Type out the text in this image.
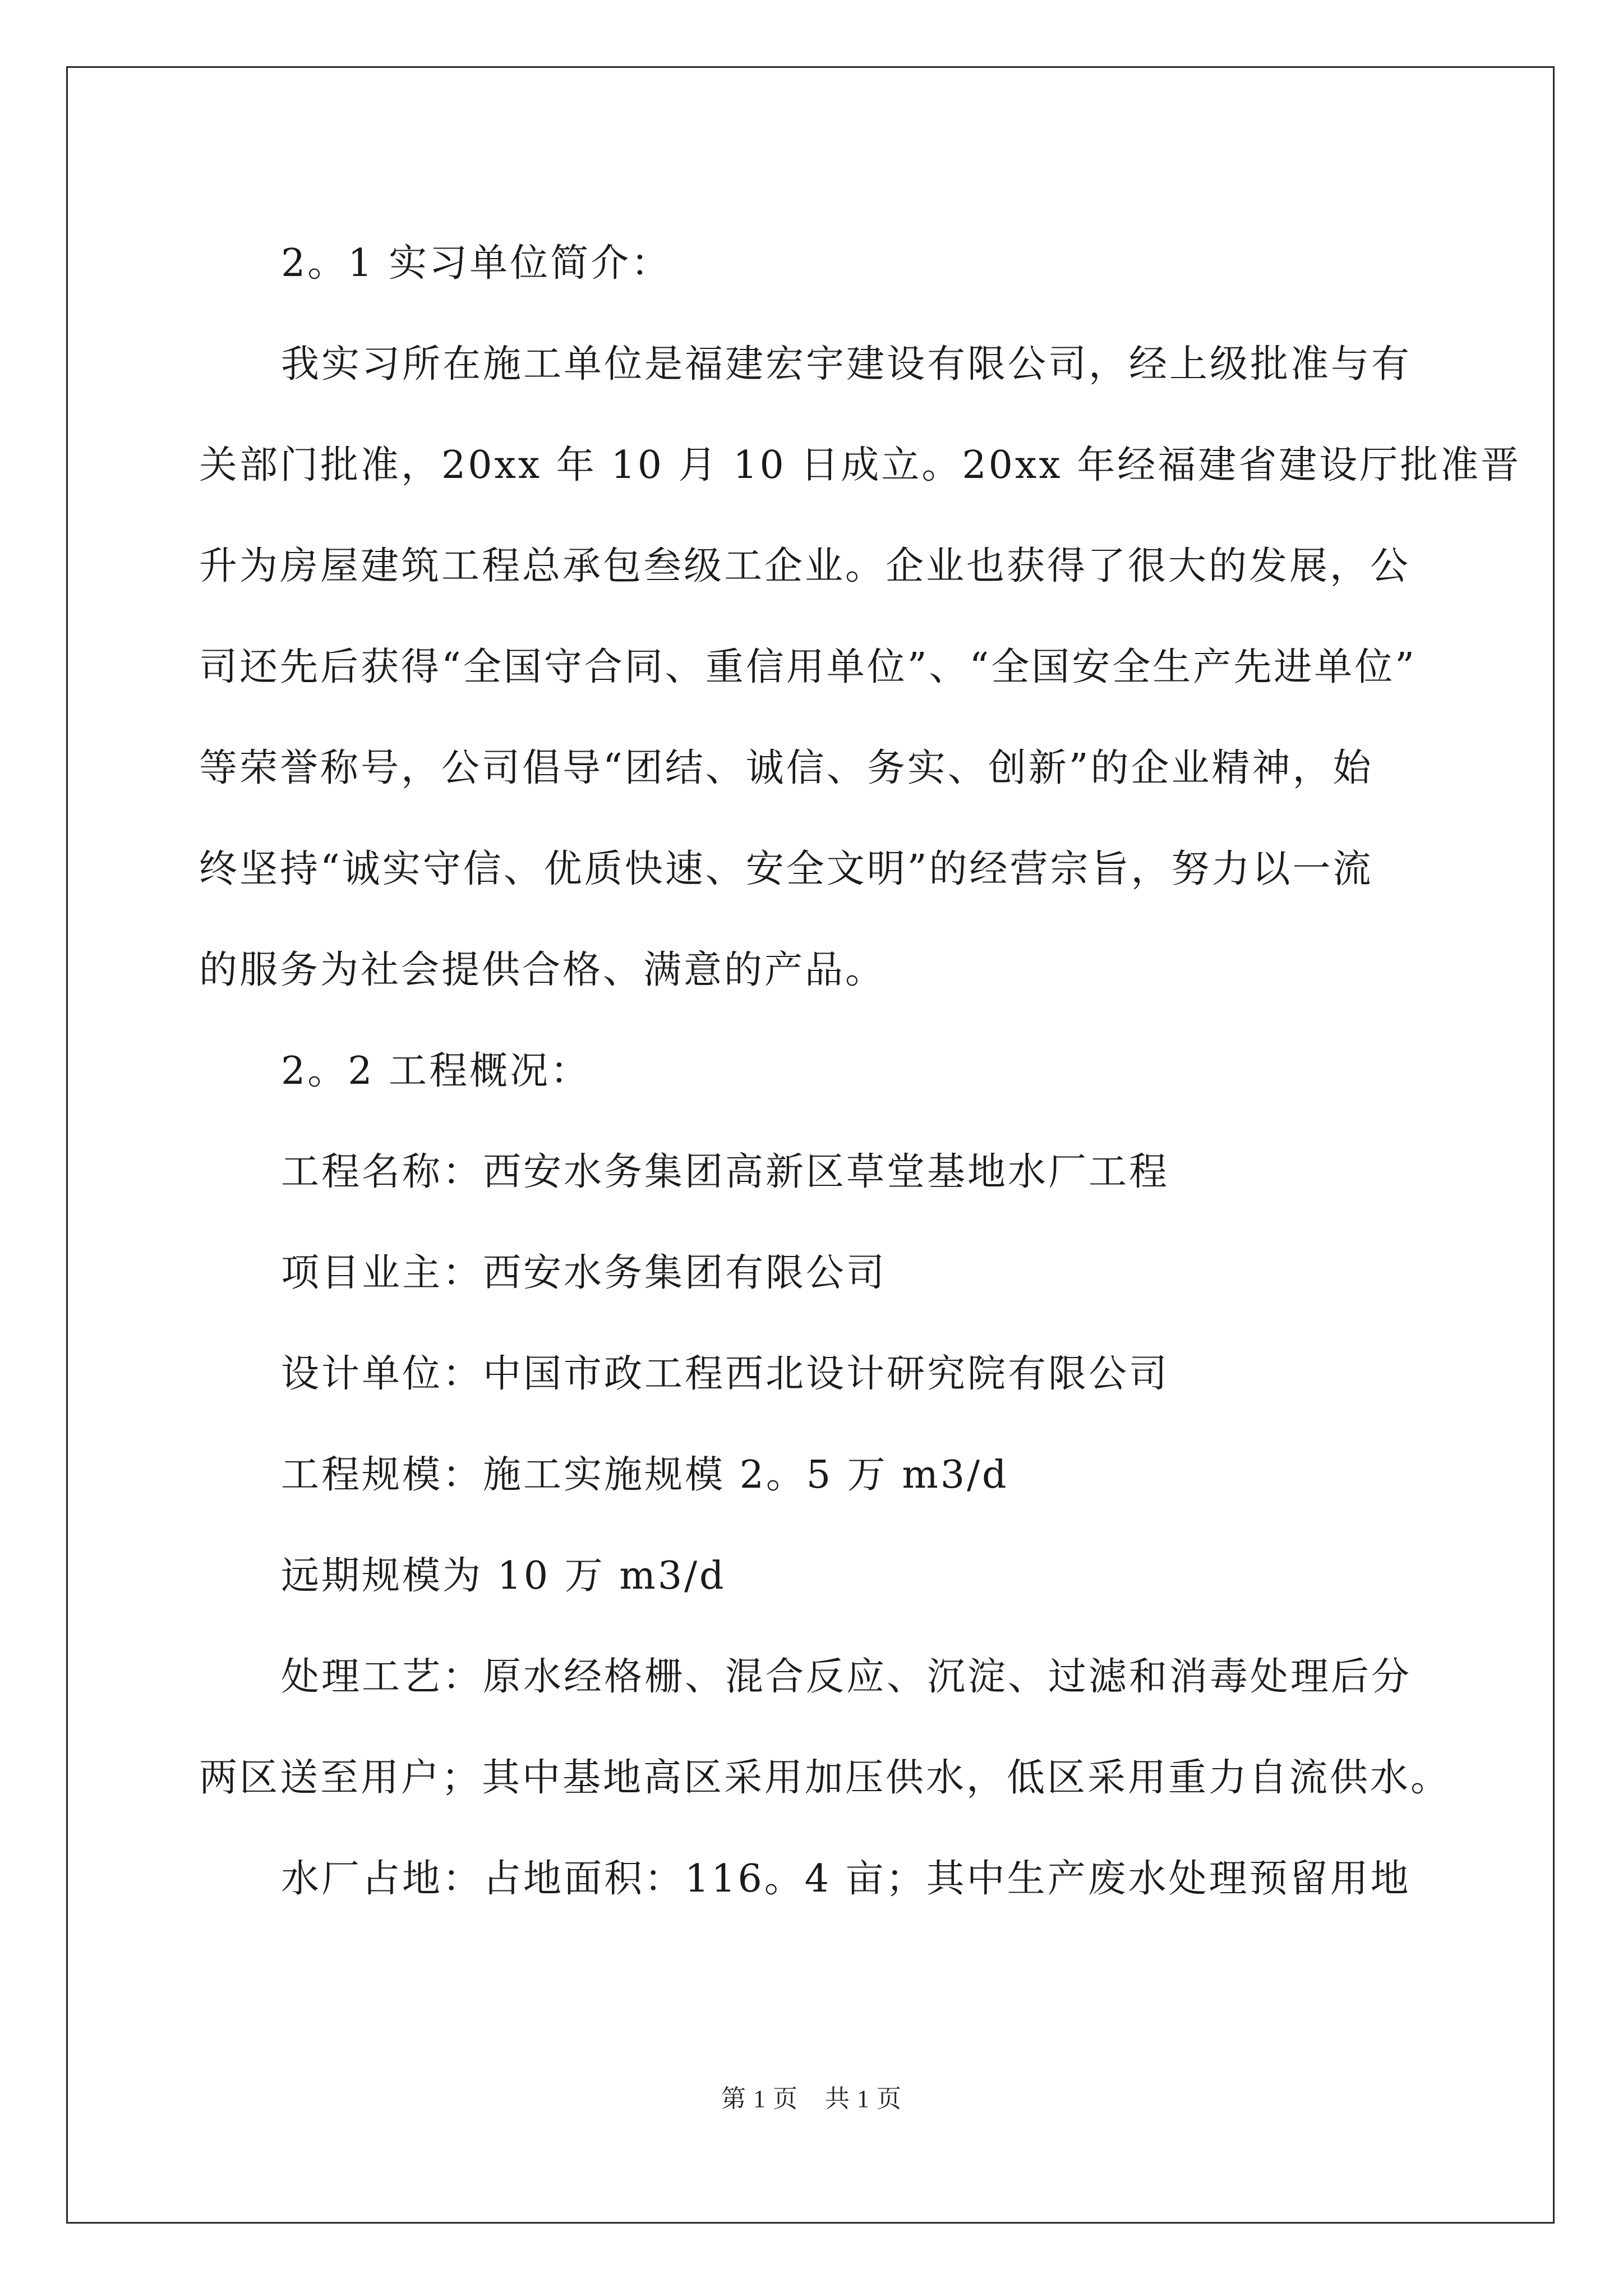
2。1 实习单位简介：

我实习所在施工单位是福建宏宇建设有限公司，经上级批准与有
关部门批准，20xx 年 10 月 10 日成立。20xx 年经福建省建设厅批准晋
升为房屋建筑工程总承包叁级工企业。企业也获得了很大的发展，公
司还先后获得“全国守合同、重信用单位”、“全国安全生产先进单位”
等荣誉称号，公司倡导“团结、诚信、务实、创新”的企业精神，始
终坚持“诚实守信、优质快速、安全文明”的经营宗旨，努力以一流
的服务为社会提供合格、满意的产品。

2。2 工程概况：

工程名称：西安水务集团高新区草堂基地水厂工程

项目业主：西安水务集团有限公司

设计单位：中国市政工程西北设计研究院有限公司

工程规模：施工实施规模 2。5 万 m3/d

远期规模为 10 万 m3/d

处理工艺：原水经格栅、混合反应、沉淀、过滤和消毒处理后分
两区送至用户；其中基地高区采用加压供水，低区采用重力自流供水。

水厂占地：占地面积：116。4 亩；其中生产废水处理预留用地

第 1 页 共 1 页
